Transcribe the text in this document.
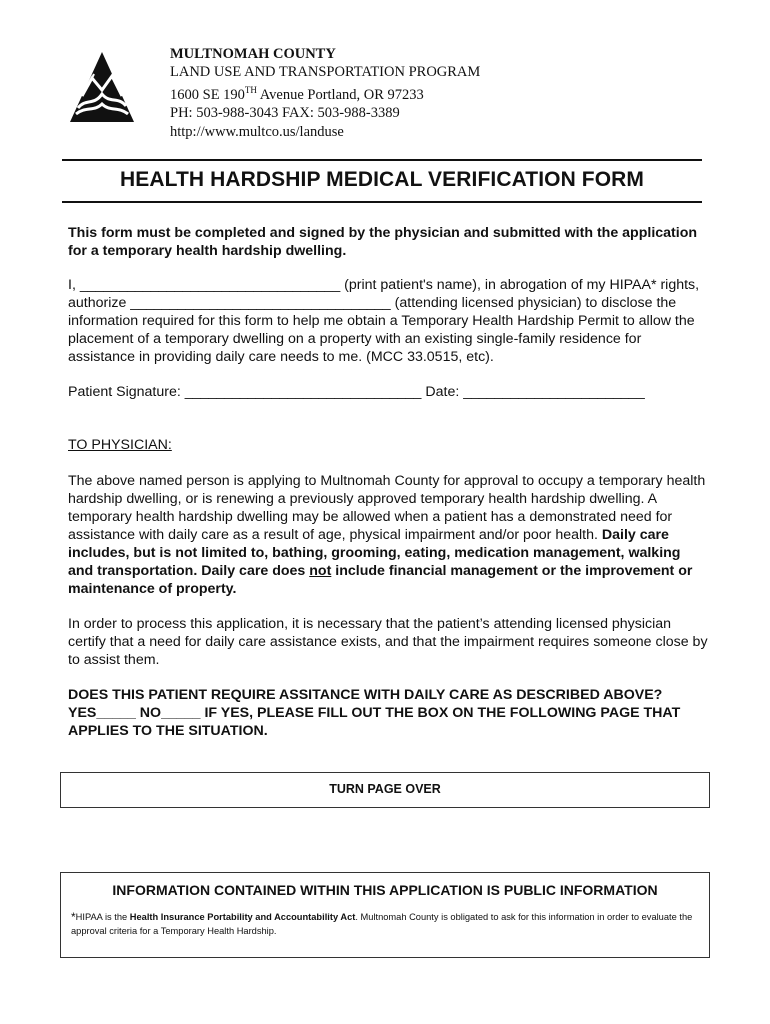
MULTNOMAH COUNTY
LAND USE AND TRANSPORTATION PROGRAM
1600 SE 190TH Avenue Portland, OR 97233
PH: 503-988-3043 FAX: 503-988-3389
http://www.multco.us/landuse
HEALTH HARDSHIP MEDICAL VERIFICATION FORM
This form must be completed and signed by the physician and submitted with the application for a temporary health hardship dwelling.
I, _________________________________ (print patient's name), in abrogation of my HIPAA* rights, authorize _________________________________ (attending licensed physician) to disclose the information required for this form to help me obtain a Temporary Health Hardship Permit to allow the placement of a temporary dwelling on a property with an existing single-family residence for assistance in providing daily care needs to me. (MCC 33.0515, etc).
Patient Signature: ______________________________ Date: _______________________
TO PHYSICIAN:
The above named person is applying to Multnomah County for approval to occupy a temporary health hardship dwelling, or is renewing a previously approved temporary health hardship dwelling. A temporary health hardship dwelling may be allowed when a patient has a demonstrated need for assistance with daily care as a result of age, physical impairment and/or poor health. Daily care includes, but is not limited to, bathing, grooming, eating, medication management, walking and transportation. Daily care does not include financial management or the improvement or maintenance of property.
In order to process this application, it is necessary that the patient’s attending licensed physician certify that a need for daily care assistance exists, and that the impairment requires someone close by to assist them.
DOES THIS PATIENT REQUIRE ASSITANCE WITH DAILY CARE AS DESCRIBED ABOVE? YES_____ NO_____ IF YES, PLEASE FILL OUT THE BOX ON THE FOLLOWING PAGE THAT APPLIES TO THE SITUATION.
TURN PAGE OVER
INFORMATION CONTAINED WITHIN THIS APPLICATION IS PUBLIC INFORMATION
*HIPAA is the Health Insurance Portability and Accountability Act. Multnomah County is obligated to ask for this information in order to evaluate the approval criteria for a Temporary Health Hardship.
